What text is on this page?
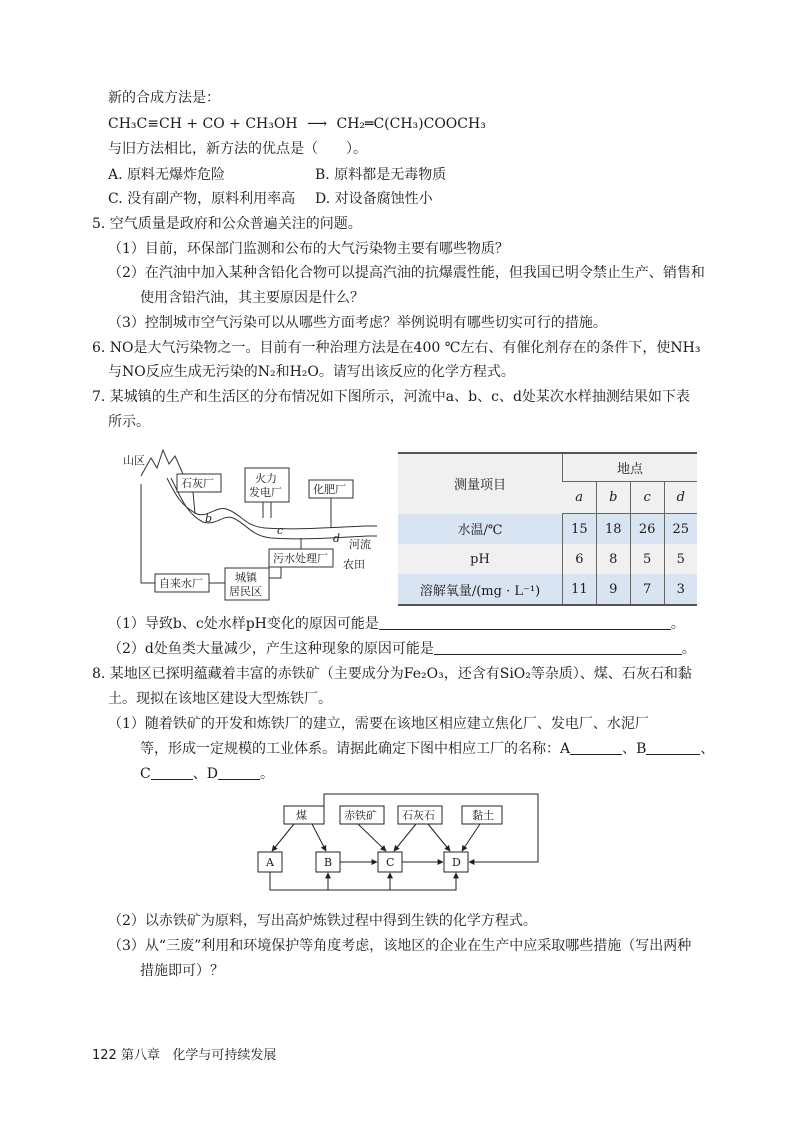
新的合成方法是：
CH₃C≡CH + CO + CH₃OH ⟶ CH₂═C(CH₃)COOCH₃
与旧方法相比，新方法的优点是（　　）。
A. 原料无爆炸危险	B. 原料都是无毒物质
C. 没有副产物，原料利用率高 D. 对设备腐蚀性小
5. 空气质量是政府和公众普遍关注的问题。
（1）目前，环保部门监测和公布的大气污染物主要有哪些物质？
（2）在汽油中加入某种含铅化合物可以提高汽油的抗爆震性能，但我国已明令禁止生产、销售和
使用含铅汽油，其主要原因是什么？
（3）控制城市空气污染可以从哪些方面考虑？举例说明有哪些切实可行的措施。
6. NO是大气污染物之一。目前有一种治理方法是在400 ℃左右、有催化剂存在的条件下，使NH₃
与NO反应生成无污染的N₂和H₂O。请写出该反应的化学方程式。
7. 某城镇的生产和生活区的分布情况如下图所示，河流中a、b、c、d处某次水样抽测结果如下表
所示。
山区
b
c
d 河流
农田
石灰厂	火力
发电厂	化肥厂
污水处理厂
自来水厂	城镇
居民区
测量项目	地点			
	a	b	c	d
水温/℃	15	18	26	25
pH	6	8	5	5
溶解氧量/(mg · L⁻¹)	11	9	7	3
（1）导致b、c处水样pH变化的原因可能是	。
（2）d处鱼类大量减少，产生这种现象的原因可能是	。
8. 某地区已探明蕴藏着丰富的赤铁矿（主要成分为Fe₂O₃，还含有SiO₂等杂质）、煤、石灰石和黏
土。现拟在该地区建设大型炼铁厂。
（1）随着铁矿的开发和炼铁厂的建立，需要在该地区相应建立焦化厂、发电厂、水泥厂
等，形成一定规模的工业体系。请据此确定下图中相应工厂的名称：A	、B	、
C	、D	。
煤	赤铁矿 石灰石	黏土
A	B	C	D
（2）以赤铁矿为原料，写出高炉炼铁过程中得到生铁的化学方程式。
（3）从“三废”利用和环境保护等角度考虑，该地区的企业在生产中应采取哪些措施（写出两种
措施即可）？
122 第八章 化学与可持续发展
